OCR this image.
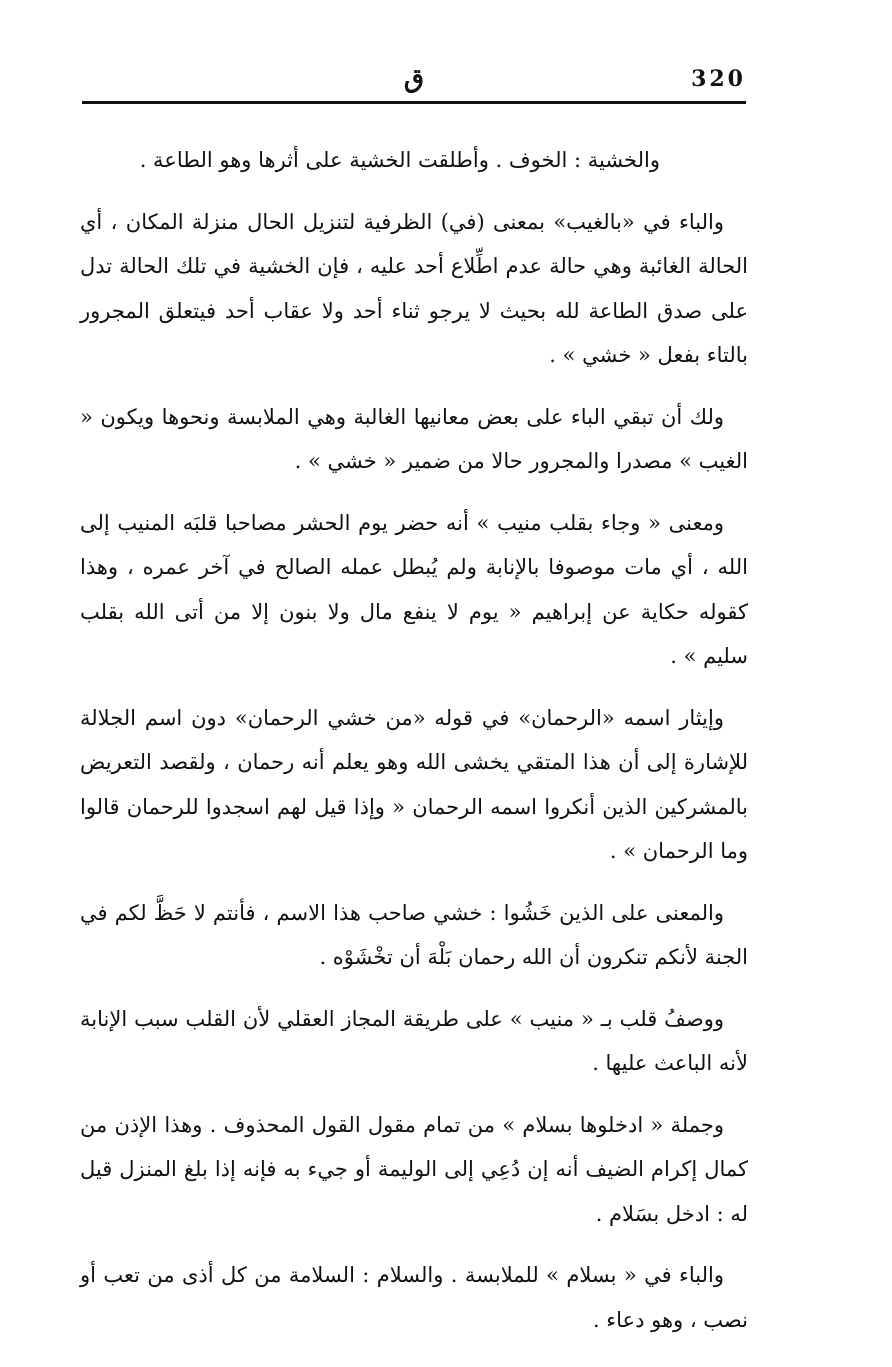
ق	320

والخشية : الخوف . وأطلقت الخشية على أثرها وهو الطاعة .

والباء في «بالغيب» بمعنى (في) الظرفية لتنزيل الحال منزلة المكان ، أي الحالة الغائبة وهي حالة عدم اطِّلاع أحد عليه ، فإن الخشية في تلك الحالة تدل على صدق الطاعة لله بحيث لا يرجو ثناء أحد ولا عقاب أحد فيتعلق المجرور بالتاء بفعل « خشي » .

ولك أن تبقي الباء على بعض معانيها الغالبة وهي الملابسة ونحوها ويكون « الغيب » مصدرا والمجرور حالا من ضمير « خشي » .

ومعنى « وجاء بقلب منيب » أنه حضر يوم الحشر مصاحبا قلبَه المنيب إلى الله ، أي مات موصوفا بالإنابة ولم يُبطل عمله الصالح في آخر عمره ، وهذا كقوله حكاية عن إبراهيم « يوم لا ينفع مال ولا بنون إلا من أتى الله بقلب سليم » .

وإيثار اسمه «الرحمان» في قوله «من خشي الرحمان» دون اسم الجلالة للإشارة إلى أن هذا المتقي يخشى الله وهو يعلم أنه رحمان ، ولقصد التعريض بالمشركين الذين أنكروا اسمه الرحمان « وإذا قيل لهم اسجدوا للرحمان قالوا وما الرحمان » .

والمعنى على الذين خَشُوا : خشي صاحب هذا الاسم ، فأنتم لا حَظَّ لكم في الجنة لأنكم تنكرون أن الله رحمان بَلْهَ أن تخْشَوْه .

ووصفُ قلب بـ « منيب » على طريقة المجاز العقلي لأن القلب سبب الإنابة لأنه الباعث عليها .

وجملة « ادخلوها بسلام » من تمام مقول القول المحذوف . وهذا الإذن من كمال إكرام الضيف أنه إن دُعِي إلى الوليمة أو جيء به فإنه إذا بلغ المنزل قيل له : ادخل بسَلام .

والباء في « بسلام » للملابسة . والسلام : السلامة من كل أذى من تعب أو نصب ، وهو دعاء .
